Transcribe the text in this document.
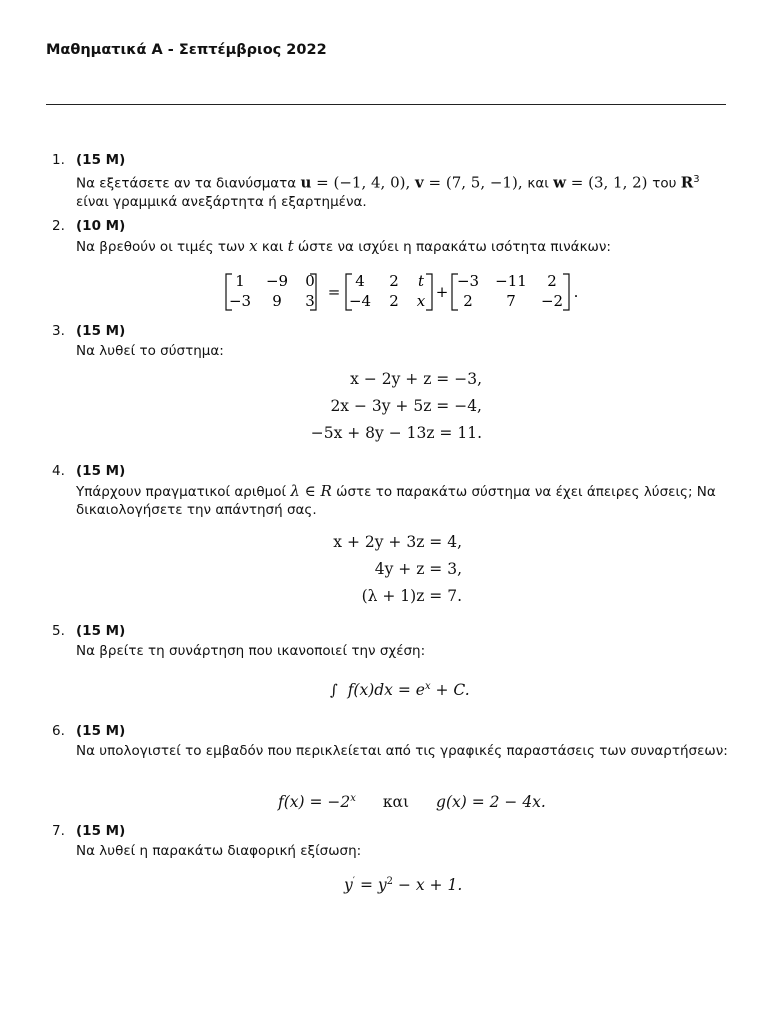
Μαθηματικά Α - Σεπτέμβριος 2022
1. (15 M)
Να εξετάσετε αν τα διανύσματα u = (−1, 4, 0), v = (7, 5, −1), και w = (3, 1, 2) του $R^3$ είναι γραμμικά ανεξάρτητα ή εξαρτημένα.
2. (10 M)
Να βρεθούν οι τιμές των x και t ώστε να ισχύει η παρακάτω ισότητα πινάκων:
1 −9 0
−3 9 3 =
4 2 t
−4 2 x +
−3 −11 2
2 7 −2 .
3. (15 M)
Να λυθεί το σύστημα:
x − 2y + z = −3,
2x − 3y + 5z = −4,
−5x + 8y − 13z = 11.
4. (15 M)
Υπάρχουν πραγματικοί αριθμοί λ ∈ R ώστε το παρακάτω σύστημα να έχει άπειρες λύσεις; Να δικαιολογήσετε την απάντησή σας.
x + 2y + 3z = 4,
4y + z = 3,
(λ + 1)z = 7.
5. (15 M)
Να βρείτε τη συνάρτηση που ικανοποιεί την σχέση:
∫ $f(x)dx = e^x + C$.
6. (15 M)
Να υπολογιστεί το εμβαδόν που περικλείεται από τις γραφικές παραστάσεις των συναρτήσεων:
$f(x) = -2^x$ και g(x) = 2 − 4x.
7. (15 M)
Να λυθεί η παρακάτω διαφορική εξίσωση:
$y' = y^2 - x + 1$.
